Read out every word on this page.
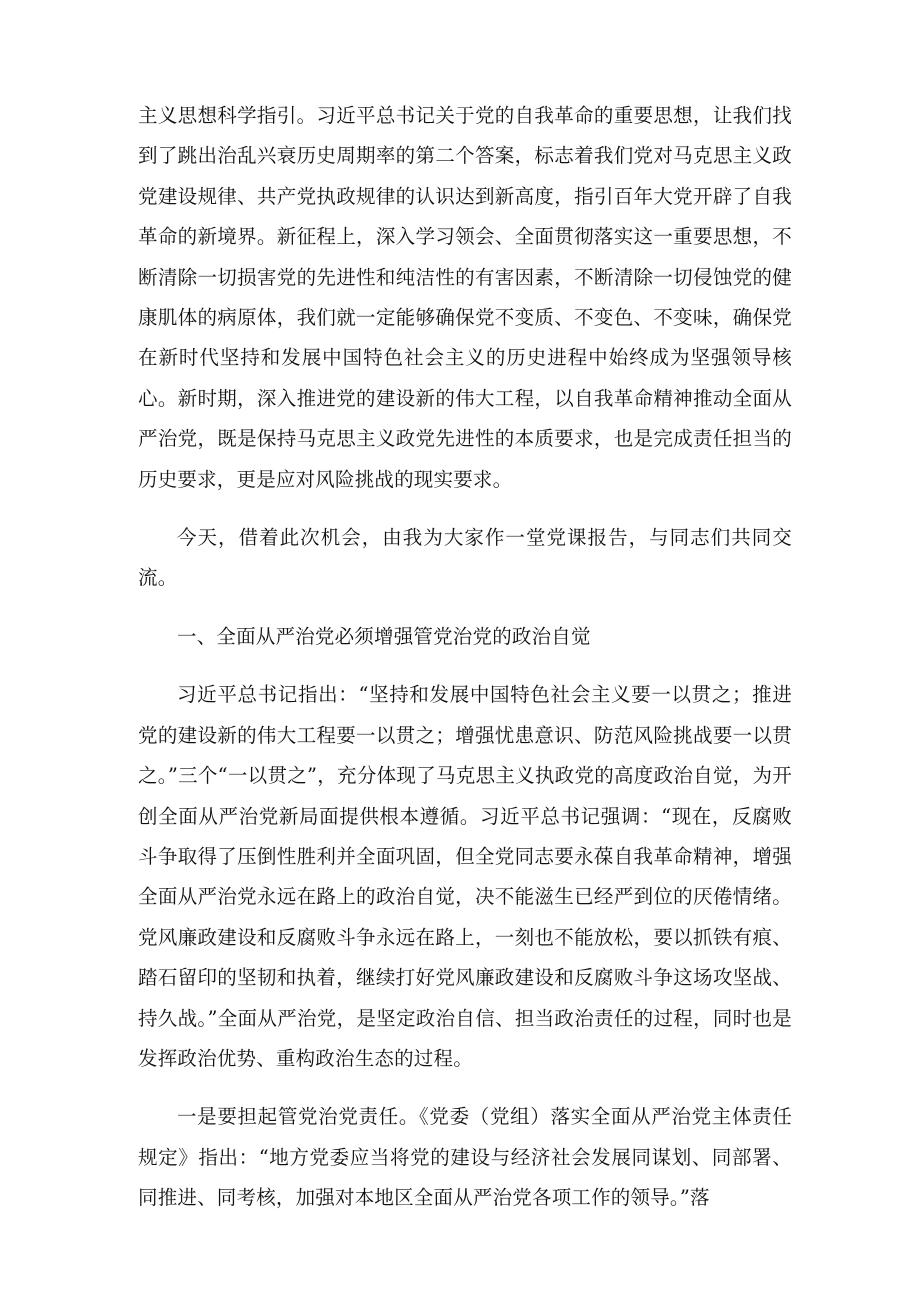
主义思想科学指引。习近平总书记关于党的自我革命的重要思想，让我们找到了跳出治乱兴衰历史周期率的第二个答案，标志着我们党对马克思主义政党建设规律、共产党执政规律的认识达到新高度，指引百年大党开辟了自我革命的新境界。新征程上，深入学习领会、全面贯彻落实这一重要思想，不断清除一切损害党的先进性和纯洁性的有害因素，不断清除一切侵蚀党的健康肌体的病原体，我们就一定能够确保党不变质、不变色、不变味，确保党在新时代坚持和发展中国特色社会主义的历史进程中始终成为坚强领导核心。新时期，深入推进党的建设新的伟大工程，以自我革命精神推动全面从严治党，既是保持马克思主义政党先进性的本质要求，也是完成责任担当的历史要求，更是应对风险挑战的现实要求。

今天，借着此次机会，由我为大家作一堂党课报告，与同志们共同交流。

一、全面从严治党必须增强管党治党的政治自觉

习近平总书记指出：“坚持和发展中国特色社会主义要一以贯之；推进党的建设新的伟大工程要一以贯之；增强忧患意识、防范风险挑战要一以贯之。”三个“一以贯之”，充分体现了马克思主义执政党的高度政治自觉，为开创全面从严治党新局面提供根本遵循。习近平总书记强调：“现在，反腐败斗争取得了压倒性胜利并全面巩固，但全党同志要永葆自我革命精神，增强全面从严治党永远在路上的政治自觉，决不能滋生已经严到位的厌倦情绪。党风廉政建设和反腐败斗争永远在路上，一刻也不能放松，要以抓铁有痕、踏石留印的坚韧和执着，继续打好党风廉政建设和反腐败斗争这场攻坚战、持久战。”全面从严治党，是坚定政治自信、担当政治责任的过程，同时也是发挥政治优势、重构政治生态的过程。

一是要担起管党治党责任。《党委（党组）落实全面从严治党主体责任规定》指出：“地方党委应当将党的建设与经济社会发展同谋划、同部署、同推进、同考核，加强对本地区全面从严治党各项工作的领导。”落
